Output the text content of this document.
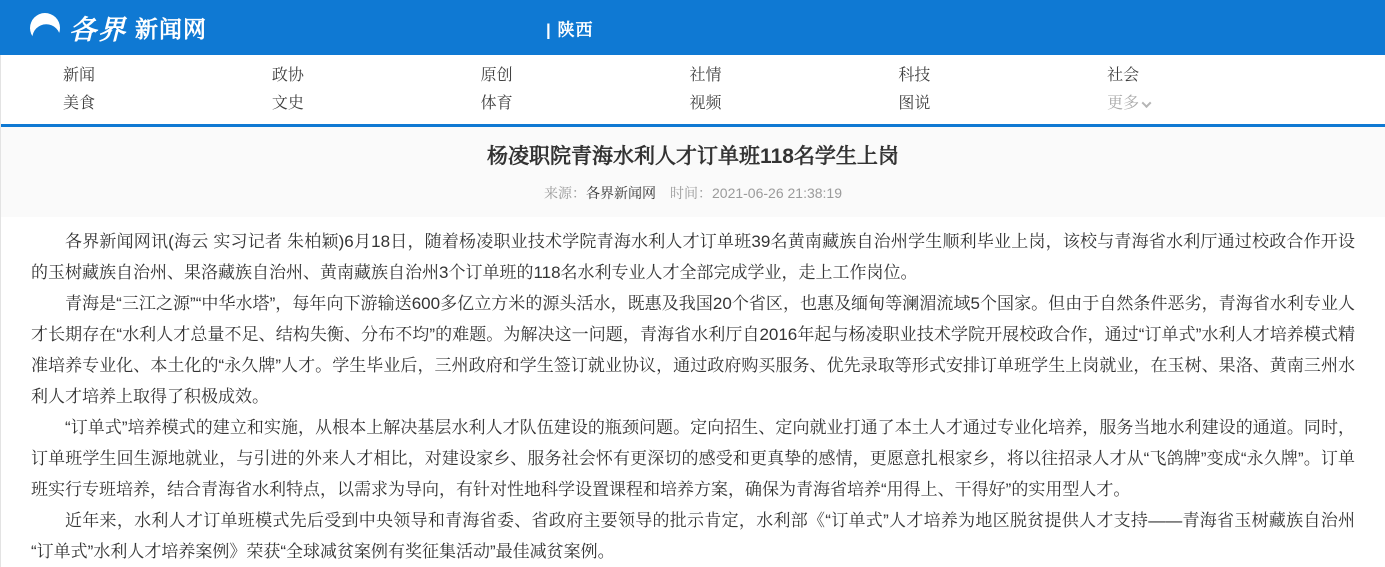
各界 新闻网	| 陕西
新闻	政协	原创	社情	科技	社会
美食	文史	体育	视频	图说	更多
杨凌职院青海水利人才订单班118名学生上岗
来源：各界新闻网 时间：2021-06-26 21:38:19

各界新闻网讯(海云 实习记者 朱柏颖)6月18日，随着杨凌职业技术学院青海水利人才订单班39名黄南藏族自治州学生顺利毕业上岗，该校与青海省水利厅通过校政合作开设的玉树藏族自治州、果洛藏族自治州、黄南藏族自治州3个订单班的118名水利专业人才全部完成学业，走上工作岗位。

青海是“三江之源”“中华水塔”，每年向下游输送600多亿立方米的源头活水，既惠及我国20个省区，也惠及缅甸等澜湄流域5个国家。但由于自然条件恶劣，青海省水利专业人才长期存在“水利人才总量不足、结构失衡、分布不均”的难题。为解决这一问题，青海省水利厅自2016年起与杨凌职业技术学院开展校政合作，通过“订单式”水利人才培养模式精准培养专业化、本土化的“永久牌”人才。学生毕业后，三州政府和学生签订就业协议，通过政府购买服务、优先录取等形式安排订单班学生上岗就业，在玉树、果洛、黄南三州水利人才培养上取得了积极成效。

“订单式”培养模式的建立和实施，从根本上解决基层水利人才队伍建设的瓶颈问题。定向招生、定向就业打通了本土人才通过专业化培养，服务当地水利建设的通道。同时，订单班学生回生源地就业，与引进的外来人才相比，对建设家乡、服务社会怀有更深切的感受和更真挚的感情，更愿意扎根家乡，将以往招录人才从“飞鸽牌”变成“永久牌”。订单班实行专班培养，结合青海省水利特点，以需求为导向，有针对性地科学设置课程和培养方案，确保为青海省培养“用得上、干得好”的实用型人才。

近年来，水利人才订单班模式先后受到中央领导和青海省委、省政府主要领导的批示肯定，水利部《“订单式”人才培养为地区脱贫提供人才支持——青海省玉树藏族自治州“订单式”水利人才培养案例》荣获“全球减贫案例有奖征集活动”最佳减贫案例。
